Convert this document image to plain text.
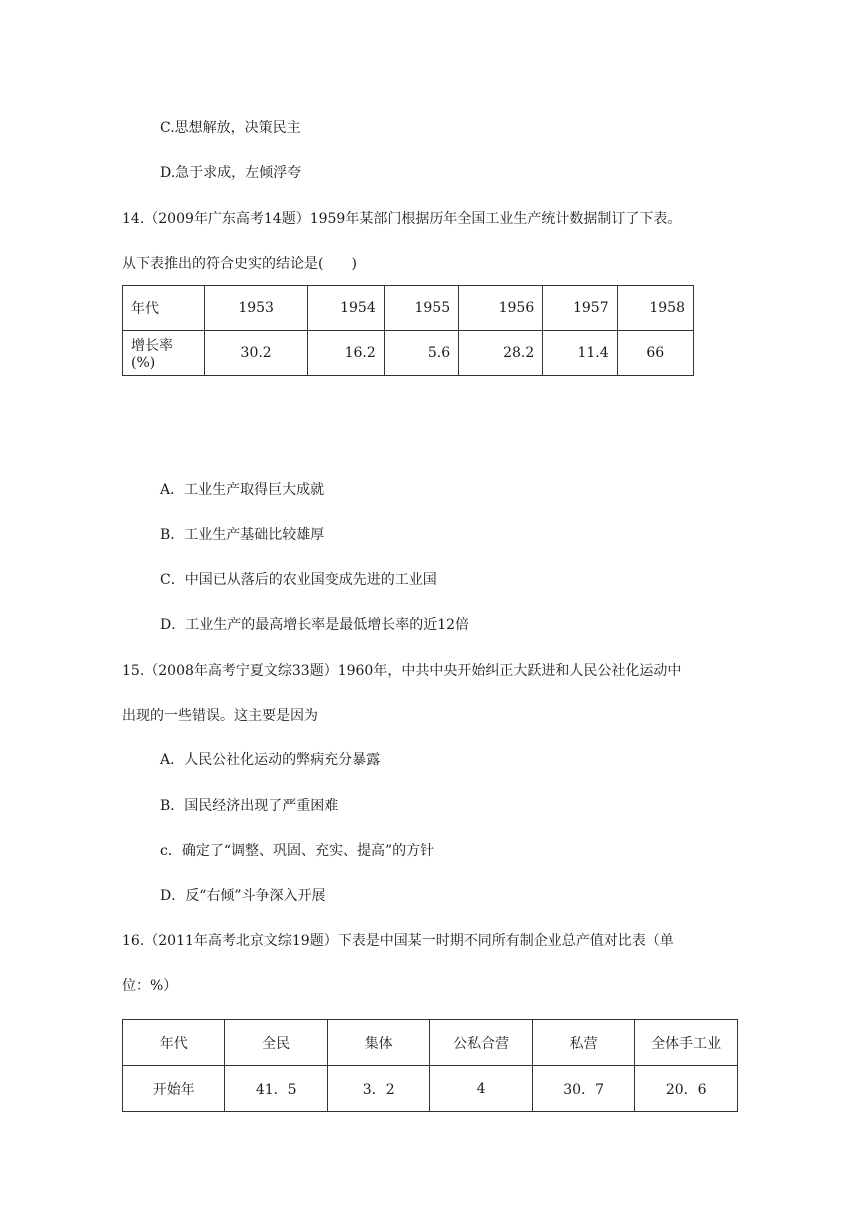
C.思想解放，决策民主
D.急于求成，左倾浮夸
14.（2009年广东高考14题）1959年某部门根据历年全国工业生产统计数据制订了下表。
从下表推出的符合史实的结论是(　　)
年代	1953	1954	1955	1956	1957	1958
增长率(%)	30.2	16.2	5.6	28.2	11.4	66
A．工业生产取得巨大成就
B．工业生产基础比较雄厚
C．中国已从落后的农业国变成先进的工业国
D．工业生产的最高增长率是最低增长率的近12倍
15.（2008年高考宁夏文综33题）1960年，中共中央开始纠正大跃进和人民公社化运动中
出现的一些错误。这主要是因为
A．人民公社化运动的弊病充分暴露
B．国民经济出现了严重困难
c．确定了“调整、巩固、充实、提高”的方针
D．反“右倾”斗争深入开展
16.（2011年高考北京文综19题）下表是中国某一时期不同所有制企业总产值对比表（单
位：%）
年代	全民	集体	公私合营	私营	全体手工业
开始年	41．5	3．2	4	30．7	20．6
